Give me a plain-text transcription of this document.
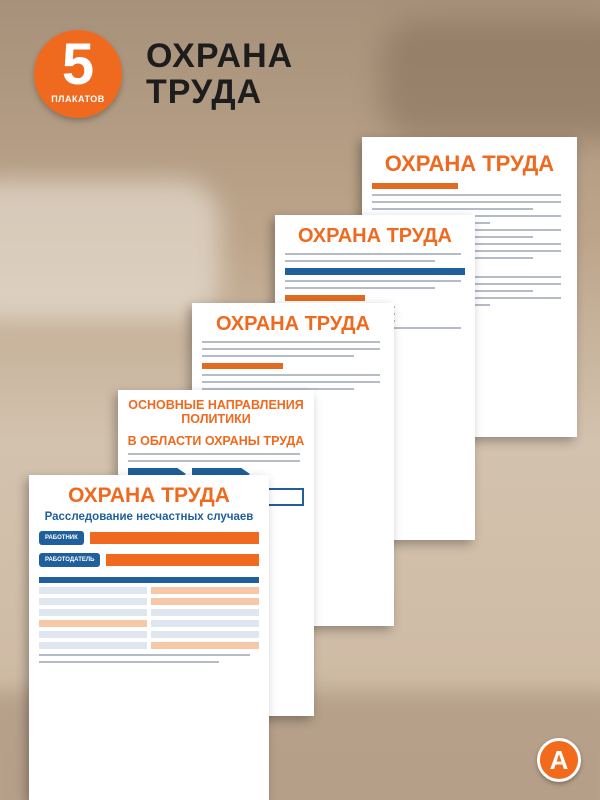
5
ПЛАКАТОВ
ОХРАНА
ТРУДА
ОХРАНА ТРУДА
ОХРАНА ТРУДА
ОХРАНА ТРУДА
ОСНОВНЫЕ НАПРАВЛЕНИЯ ПОЛИТИКИ
В ОБЛАСТИ ОХРАНЫ ТРУДА
ОХРАНА ТРУДА
Расследование несчастных случаев
РАБОТНИК
РАБОТОДАТЕЛЬ
А
